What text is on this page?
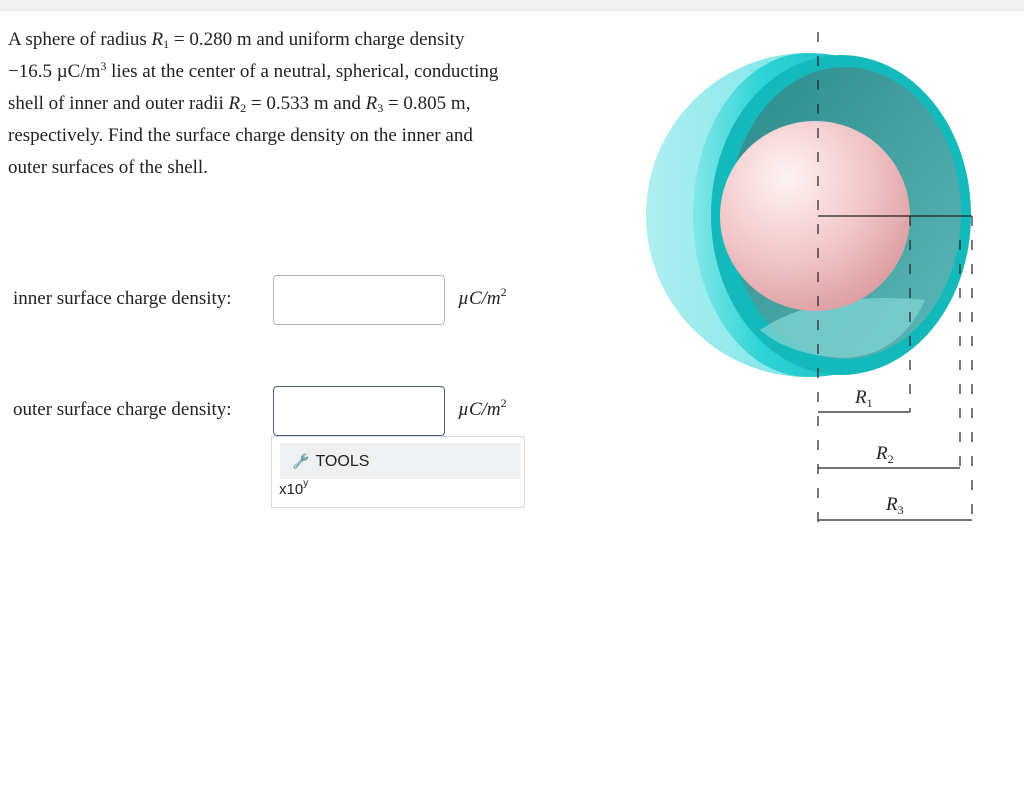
A sphere of radius $R_1 = 0.280$ m and uniform charge density −16.5 $\mu C/m^3$ lies at the center of a neutral, spherical, conducting shell of inner and outer radii $R_2 = 0.533$ m and $R_3 = 0.805$ m, respectively. Find the surface charge density on the inner and outer surfaces of the shell.
inner surface charge density:	$\mu C/m^2$
outer surface charge density:	$\mu C/m^2$
🔧 TOOLS
x10$^y$
$R_1$
$R_2$
$R_3$
